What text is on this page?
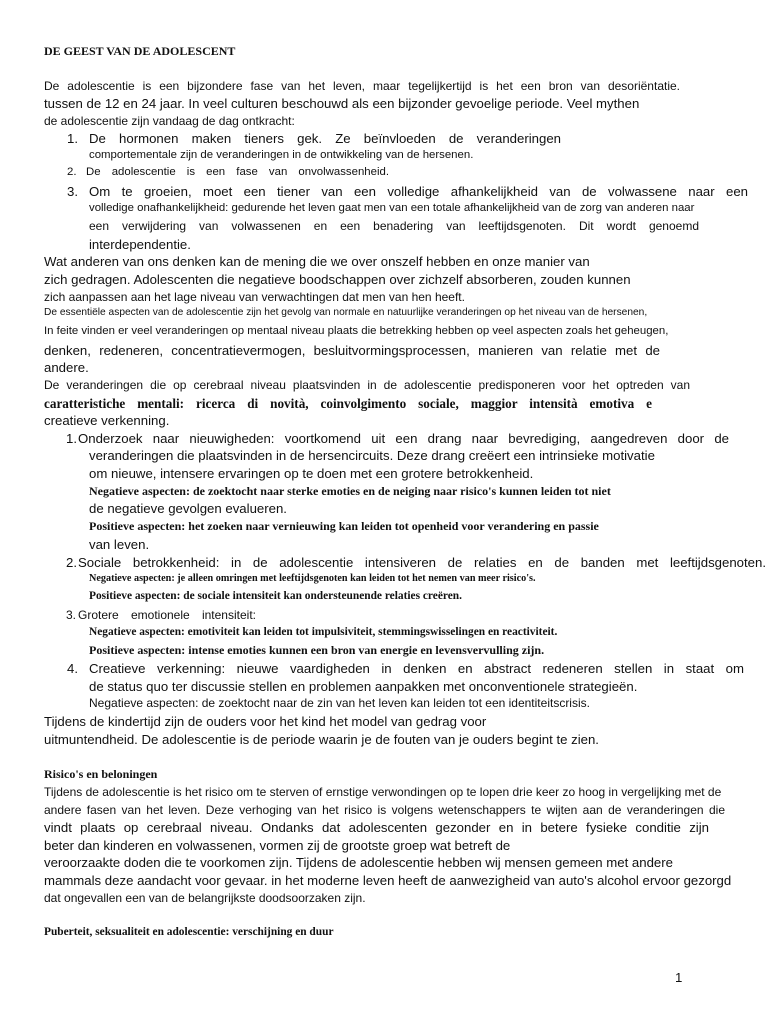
DE GEEST VAN DE ADOLESCENT
De adolescentie is een bijzondere fase van het leven, maar tegelijkertijd is het een bron van desoriëntatie.
tussen de 12 en 24 jaar. In veel culturen beschouwd als een bijzonder gevoelige periode. Veel mythen
de adolescentie zijn vandaag de dag ontkracht:
1. De hormonen maken tieners gek. Ze beïnvloeden de veranderingen
comportementale zijn de veranderingen in de ontwikkeling van de hersenen.
2. De adolescentie is een fase van onvolwassenheid.
3. Om te groeien, moet een tiener van een volledige afhankelijkheid van de volwassene naar een
volledige onafhankelijkheid: gedurende het leven gaat men van een totale afhankelijkheid van de zorg van anderen naar
een verwijdering van volwassenen en een benadering van leeftijdsgenoten. Dit wordt genoemd
interdependentie.
Wat anderen van ons denken kan de mening die we over onszelf hebben en onze manier van
zich gedragen. Adolescenten die negatieve boodschappen over zichzelf absorberen, zouden kunnen
zich aanpassen aan het lage niveau van verwachtingen dat men van hen heeft.
De essentiële aspecten van de adolescentie zijn het gevolg van normale en natuurlijke veranderingen op het niveau van de hersenen,
In feite vinden er veel veranderingen op mentaal niveau plaats die betrekking hebben op veel aspecten zoals het geheugen,
denken, redeneren, concentratievermogen, besluitvormingsprocessen, manieren van relatie met de
andere.
De veranderingen die op cerebraal niveau plaatsvinden in de adolescentie predisponeren voor het optreden van
caratteristiche mentali: ricerca di novità, coinvolgimento sociale, maggior intensità emotiva e
creatieve verkenning.
1. Onderzoek naar nieuwigheden: voortkomend uit een drang naar bevrediging, aangedreven door de
veranderingen die plaatsvinden in de hersencircuits. Deze drang creëert een intrinsieke motivatie
om nieuwe, intensere ervaringen op te doen met een grotere betrokkenheid.
Negatieve aspecten: de zoektocht naar sterke emoties en de neiging naar risico's kunnen leiden tot niet
de negatieve gevolgen evalueren.
Positieve aspecten: het zoeken naar vernieuwing kan leiden tot openheid voor verandering en passie
van leven.
2. Sociale betrokkenheid: in de adolescentie intensiveren de relaties en de banden met leeftijdsgenoten.
Negatieve aspecten: je alleen omringen met leeftijdsgenoten kan leiden tot het nemen van meer risico's.
Positieve aspecten: de sociale intensiteit kan ondersteunende relaties creëren.
3. Grotere emotionele intensiteit:
Negatieve aspecten: emotiviteit kan leiden tot impulsiviteit, stemmingswisselingen en reactiviteit.
Positieve aspecten: intense emoties kunnen een bron van energie en levensvervulling zijn.
4. Creatieve verkenning: nieuwe vaardigheden in denken en abstract redeneren stellen in staat om
de status quo ter discussie stellen en problemen aanpakken met onconventionele strategieën.
Negatieve aspecten: de zoektocht naar de zin van het leven kan leiden tot een identiteitscrisis.
Tijdens de kindertijd zijn de ouders voor het kind het model van gedrag voor
uitmuntendheid. De adolescentie is de periode waarin je de fouten van je ouders begint te zien.
Risico's en beloningen
Tijdens de adolescentie is het risico om te sterven of ernstige verwondingen op te lopen drie keer zo hoog in vergelijking met de
andere fasen van het leven. Deze verhoging van het risico is volgens wetenschappers te wijten aan de veranderingen die
vindt plaats op cerebraal niveau. Ondanks dat adolescenten gezonder en in betere fysieke conditie zijn
beter dan kinderen en volwassenen, vormen zij de grootste groep wat betreft de
veroorzaakte doden die te voorkomen zijn. Tijdens de adolescentie hebben wij mensen gemeen met andere
mammals deze aandacht voor gevaar. in het moderne leven heeft de aanwezigheid van auto's alcohol ervoor gezorgd
dat ongevallen een van de belangrijkste doodsoorzaken zijn.
Puberteit, seksualiteit en adolescentie: verschijning en duur
1
